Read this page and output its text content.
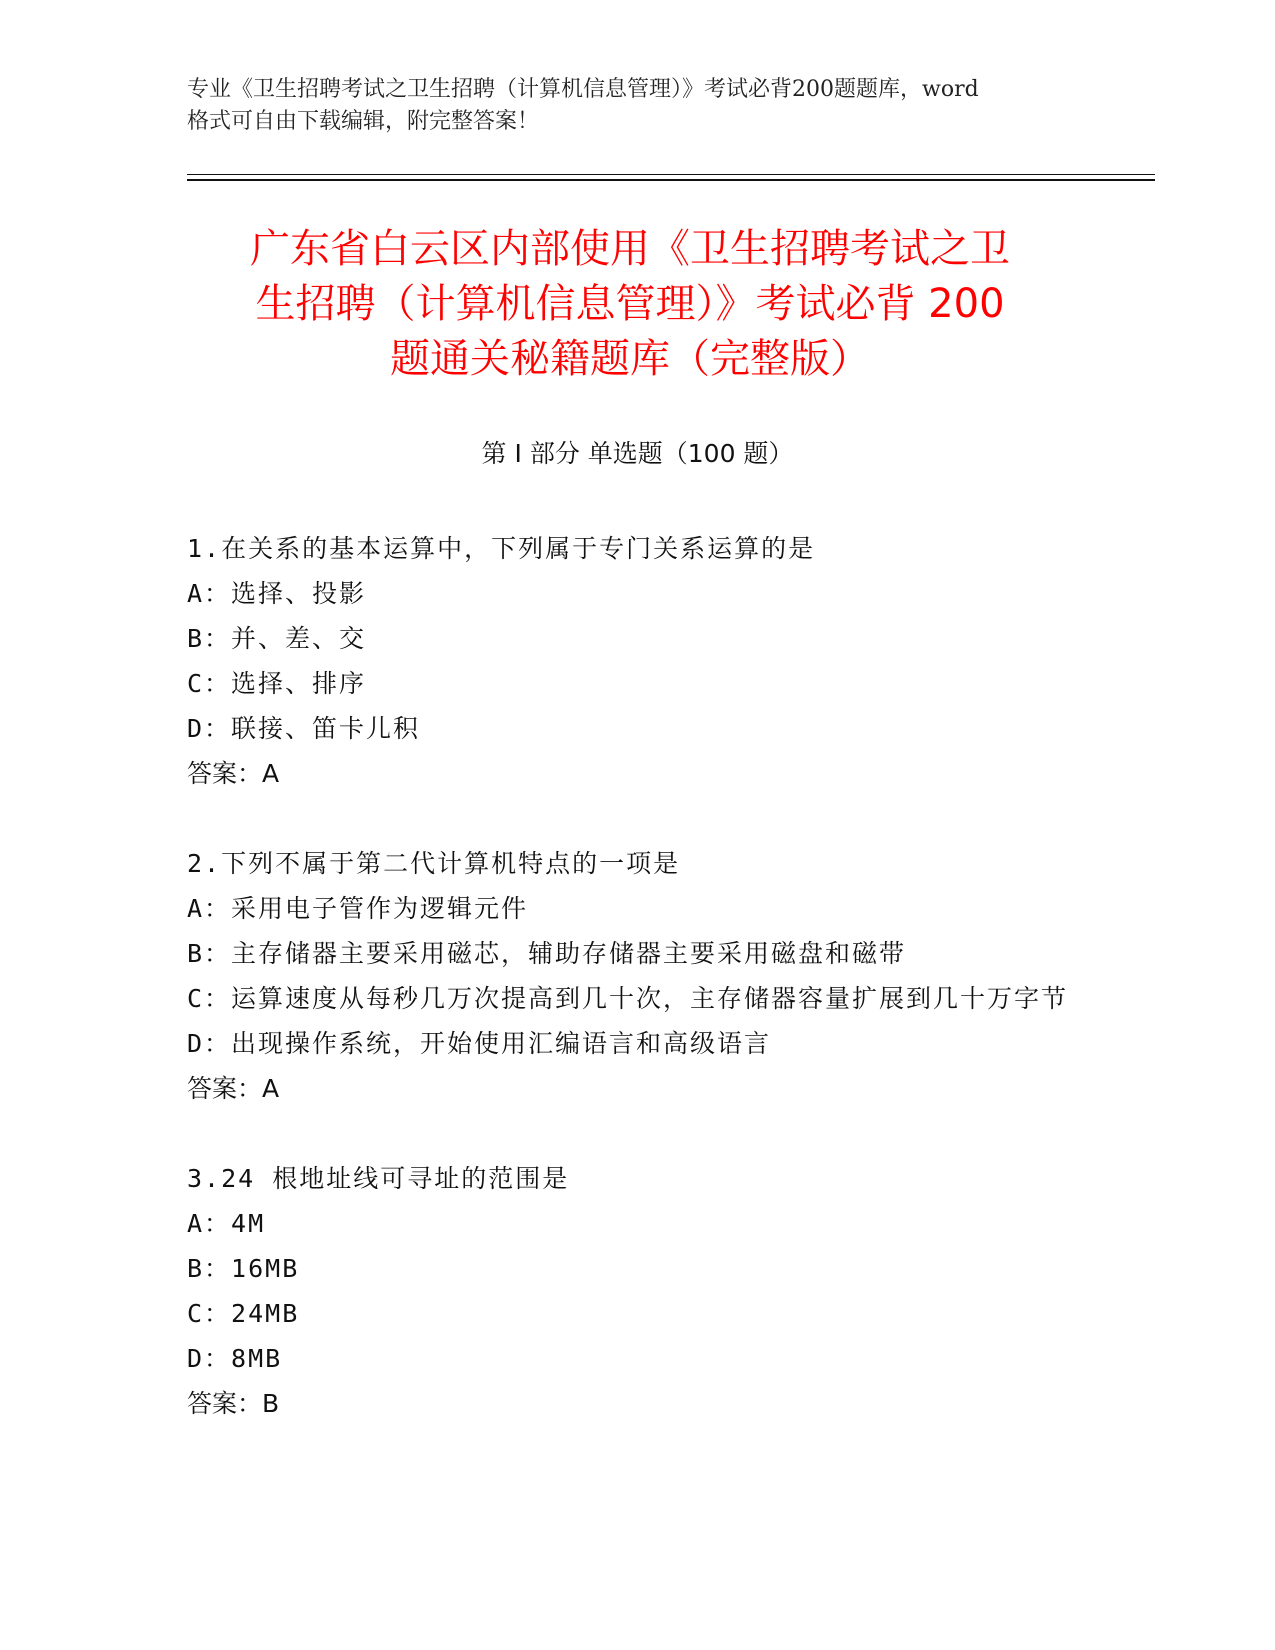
专业《卫生招聘考试之卫生招聘（计算机信息管理）》考试必背200题题库，word

格式可自由下载编辑，附完整答案！

广东省白云区内部使用《卫生招聘考试之卫
生招聘（计算机信息管理）》考试必背 200
题通关秘籍题库（完整版）
第 I 部分 单选题（100 题）

1.在关系的基本运算中，下列属于专门关系运算的是

A：选择、投影

B：并、差、交

C：选择、排序

D：联接、笛卡儿积

答案：A

2.下列不属于第二代计算机特点的一项是

A：采用电子管作为逻辑元件

B：主存储器主要采用磁芯，辅助存储器主要采用磁盘和磁带

C：运算速度从每秒几万次提高到几十次，主存储器容量扩展到几十万字节

D：出现操作系统，开始使用汇编语言和高级语言

答案：A

3.24 根地址线可寻址的范围是

A：4M

B：16MB

C：24MB

D：8MB

答案：B
